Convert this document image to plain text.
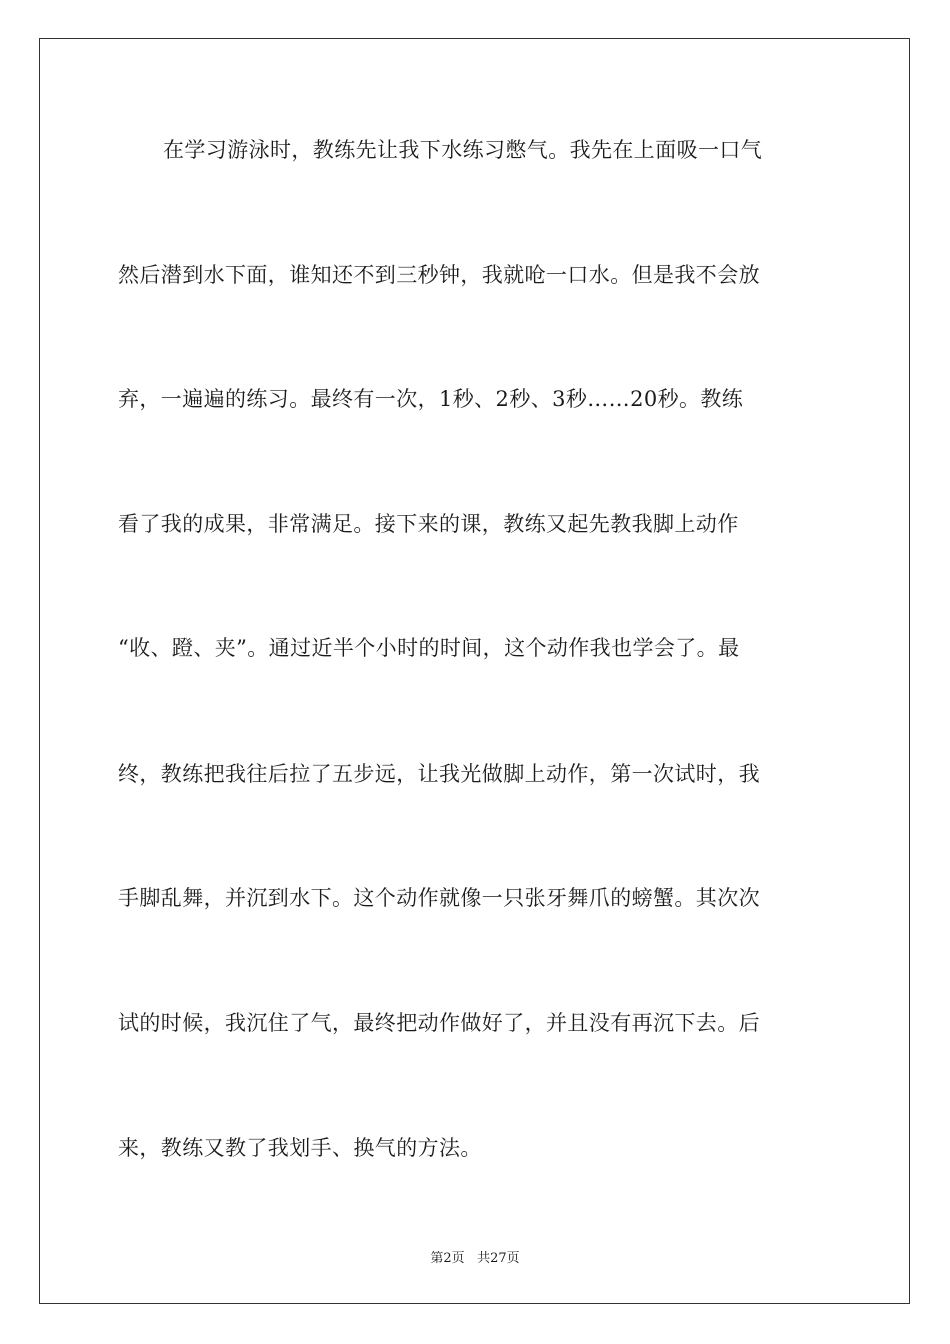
在学习游泳时，教练先让我下水练习憋气。我先在上面吸一口气
然后潜到水下面，谁知还不到三秒钟，我就呛一口水。但是我不会放
弃，一遍遍的练习。最终有一次，1秒、2秒、3秒……20秒。教练
看了我的成果，非常满足。接下来的课，教练又起先教我脚上动作
“收、蹬、夹”。通过近半个小时的时间，这个动作我也学会了。最
终，教练把我往后拉了五步远，让我光做脚上动作，第一次试时，我
手脚乱舞，并沉到水下。这个动作就像一只张牙舞爪的螃蟹。其次次
试的时候，我沉住了气，最终把动作做好了，并且没有再沉下去。后
来，教练又教了我划手、换气的方法。
第2页 共27页
